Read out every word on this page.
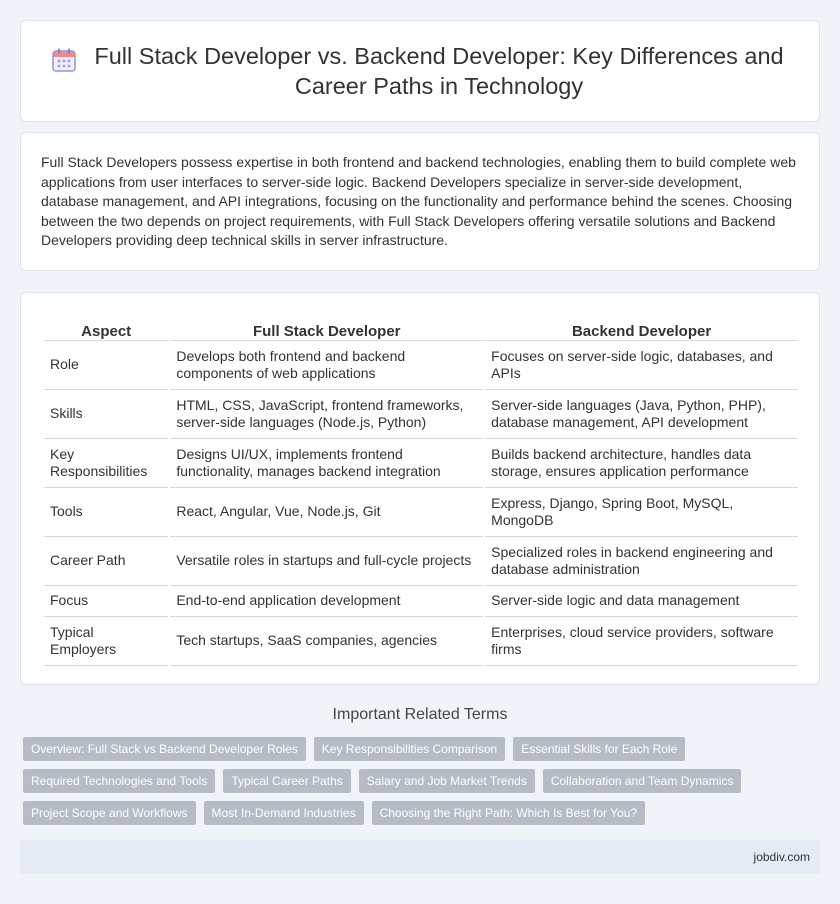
Full Stack Developer vs. Backend Developer: Key Differences and Career Paths in Technology

Full Stack Developers possess expertise in both frontend and backend technologies, enabling them to build complete web applications from user interfaces to server-side logic. Backend Developers specialize in server-side development, database management, and API integrations, focusing on the functionality and performance behind the scenes. Choosing between the two depends on project requirements, with Full Stack Developers offering versatile solutions and Backend Developers providing deep technical skills in server infrastructure.

Aspect	Full Stack Developer	Backend Developer
Role	Develops both frontend and backend components of web applications	Focuses on server-side logic, databases, and APIs
Skills	HTML, CSS, JavaScript, frontend frameworks, server-side languages (Node.js, Python)	Server-side languages (Java, Python, PHP), database management, API development
Key Responsibilities	Designs UI/UX, implements frontend functionality, manages backend integration	Builds backend architecture, handles data storage, ensures application performance
Tools	React, Angular, Vue, Node.js, Git	Express, Django, Spring Boot, MySQL, MongoDB
Career Path	Versatile roles in startups and full-cycle projects	Specialized roles in backend engineering and database administration
Focus	End-to-end application development	Server-side logic and data management
Typical Employers	Tech startups, SaaS companies, agencies	Enterprises, cloud service providers, software firms
Important Related Terms
Overview: Full Stack vs Backend Developer Roles	Key Responsibilities Comparison	Essential Skills for Each Role
Required Technologies and Tools	Typical Career Paths	Salary and Job Market Trends	Collaboration and Team Dynamics
Project Scope and Workflows	Most In-Demand Industries	Choosing the Right Path: Which Is Best for You?
jobdiv.com
